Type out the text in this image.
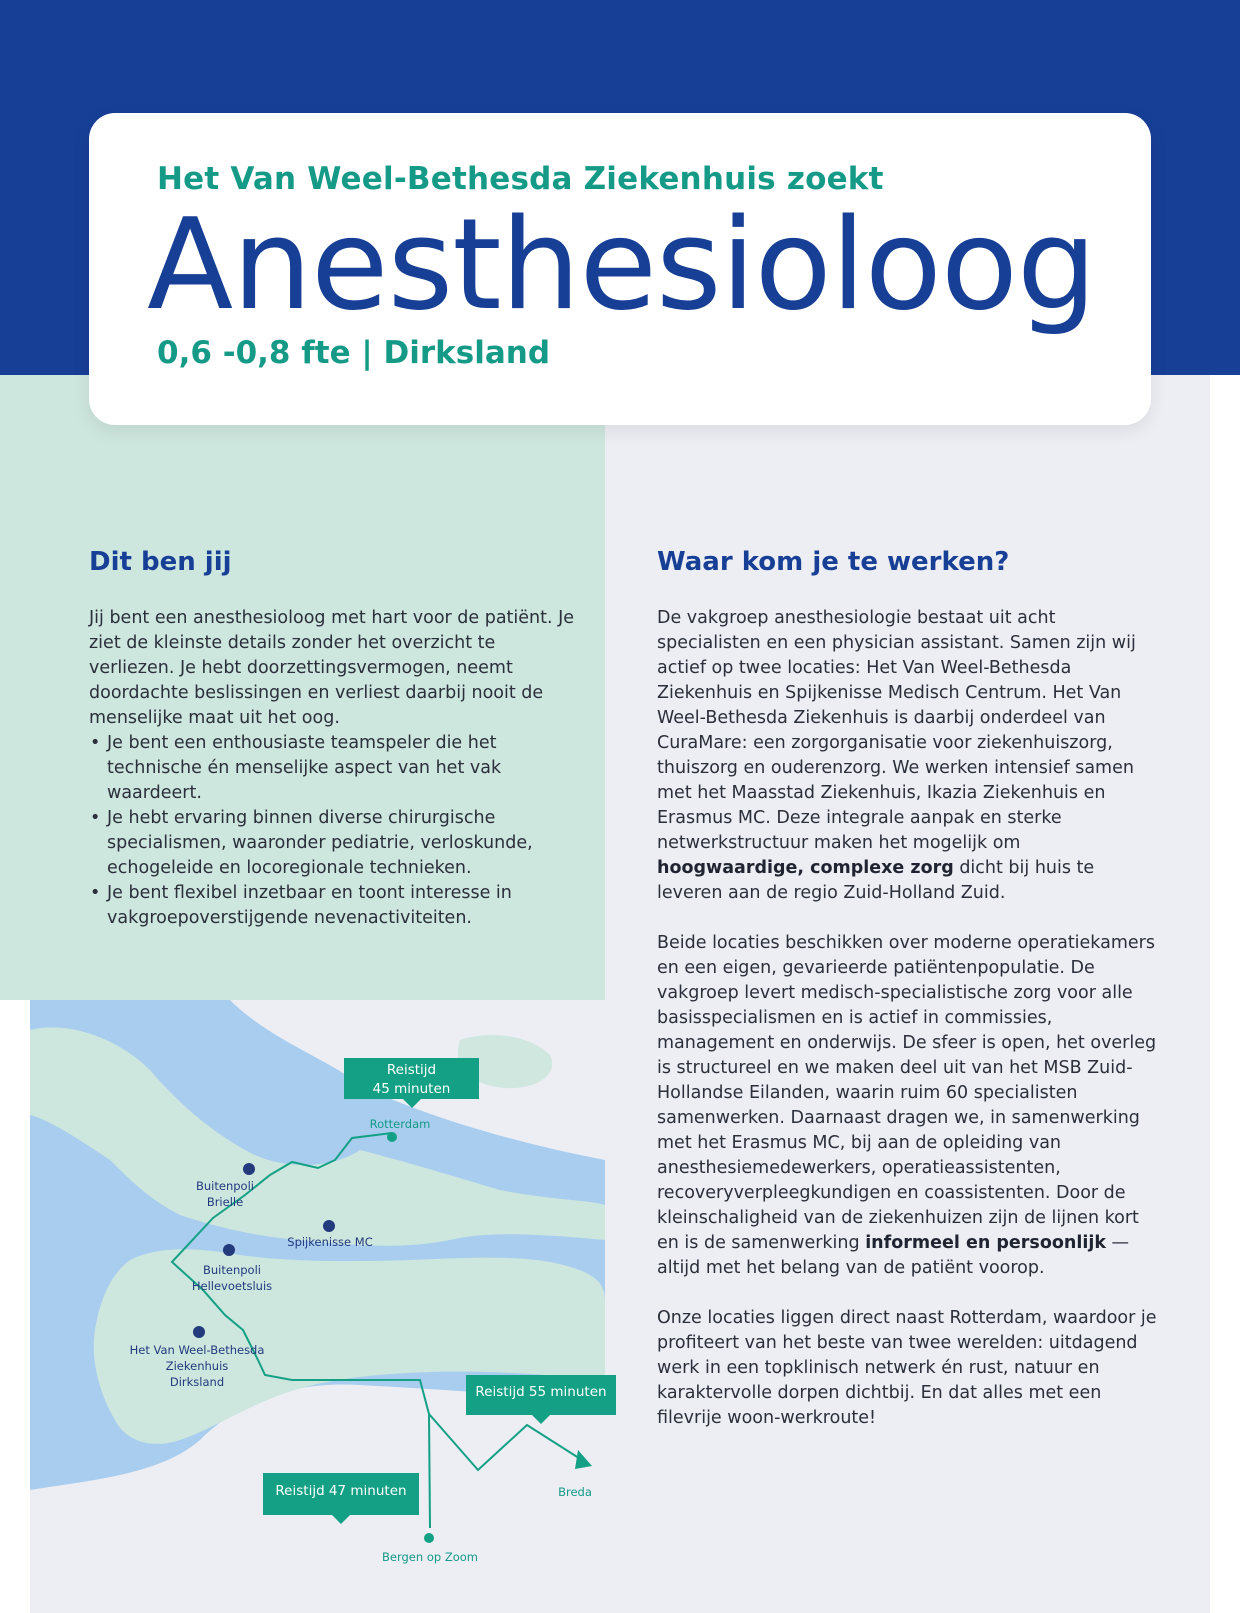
Het Van Weel-Bethesda Ziekenhuis zoekt
Anesthesioloog
0,6 -0,8 fte | Dirksland
Dit ben jij

Jij bent een anesthesioloog met hart voor de patiënt. Je ziet de kleinste details zonder het overzicht te verliezen. Je hebt doorzettingsvermogen, neemt doordachte beslissingen en verliest daarbij nooit de menselijke maat uit het oog.

• Je bent een enthousiaste teamspeler die het technische én menselijke aspect van het vak waardeert.
• Je hebt ervaring binnen diverse chirurgische specialismen, waaronder pediatrie, verloskunde, echogeleide en locoregionale technieken.
• Je bent flexibel inzetbaar en toont interesse in vakgroepoverstijgende nevenactiviteiten.
Waar kom je te werken?

De vakgroep anesthesiologie bestaat uit acht specialisten en een physician assistant. Samen zijn wij actief op twee locaties: Het Van Weel-Bethesda Ziekenhuis en Spijkenisse Medisch Centrum. Het Van Weel-Bethesda Ziekenhuis is daarbij onderdeel van CuraMare: een zorgorganisatie voor ziekenhuiszorg, thuiszorg en ouderenzorg. We werken intensief samen met het Maasstad Ziekenhuis, Ikazia Ziekenhuis en Erasmus MC. Deze integrale aanpak en sterke netwerkstructuur maken het mogelijk om hoogwaardige, complexe zorg dicht bij huis te leveren aan de regio Zuid-Holland Zuid.

Beide locaties beschikken over moderne operatiekamers en een eigen, gevarieerde patiëntenpopulatie. De vakgroep levert medisch-specialistische zorg voor alle basisspecialismen en is actief in commissies, management en onderwijs. De sfeer is open, het overleg is structureel en we maken deel uit van het MSB Zuid-Hollandse Eilanden, waarin ruim 60 specialisten samenwerken. Daarnaast dragen we, in samenwerking met het Erasmus MC, bij aan de opleiding van anesthesiemedewerkers, operatieassistenten, recoveryverpleegkundigen en coassistenten. Door de kleinschaligheid van de ziekenhuizen zijn de lijnen kort en is de samenwerking informeel en persoonlijk — altijd met het belang van de patiënt voorop.

Onze locaties liggen direct naast Rotterdam, waardoor je profiteert van het beste van twee werelden: uitdagend werk in een topklinisch netwerk én rust, natuur en karaktervolle dorpen dichtbij. En dat alles met een filevrije woon-werkroute!

Reistijd
45 minuten
Reistijd 55 minuten
Reistijd 47 minuten
Rotterdam
Buitenpoli
Brielle
Spijkenisse MC
Buitenpoli
Hellevoetsluis
Het Van Weel-Bethesda
Ziekenhuis
Dirksland
Breda
Bergen op Zoom
